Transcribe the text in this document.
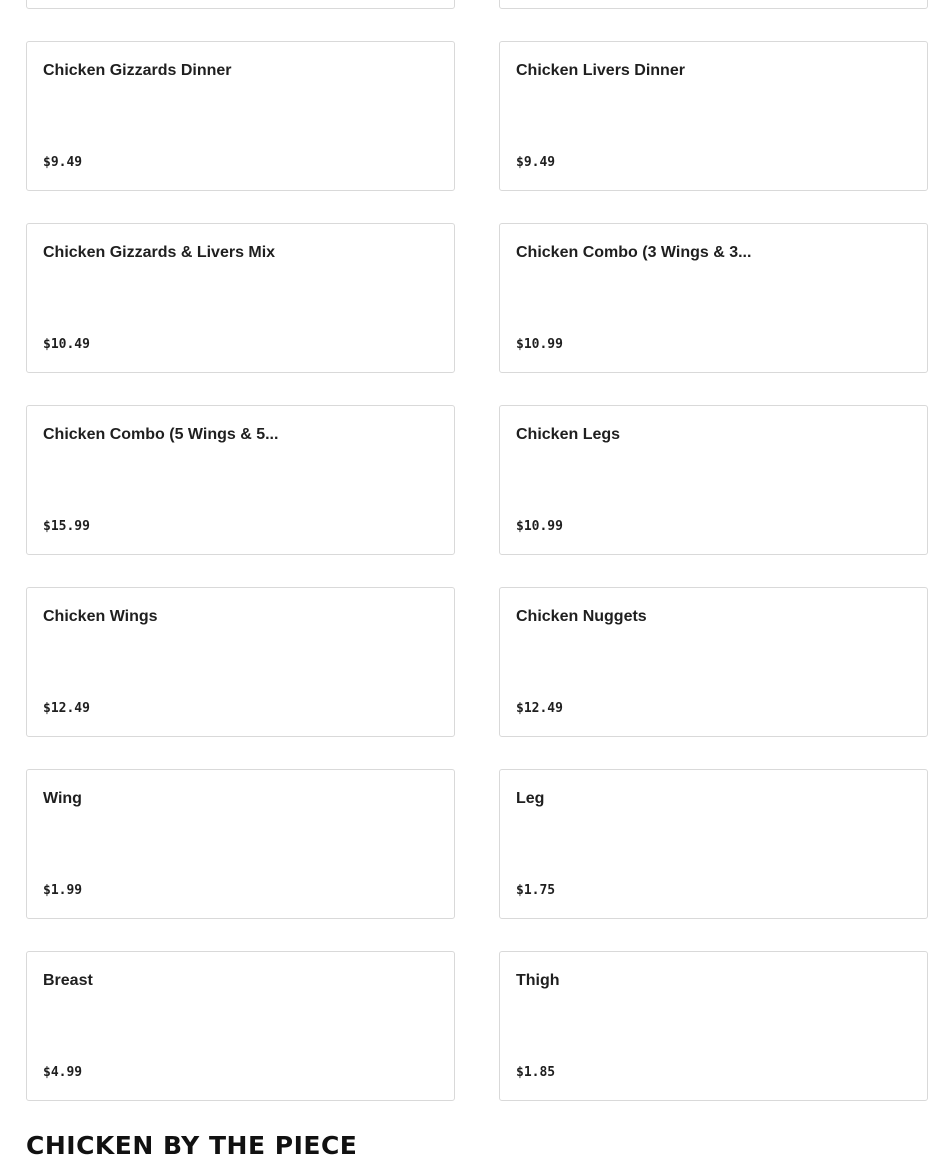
Chicken Gizzards Dinner
$9.49
Chicken Livers Dinner
$9.49
Chicken Gizzards & Livers Mix
$10.49
Chicken Combo (3 Wings & 3...
$10.99
Chicken Combo (5 Wings & 5...
$15.99
Chicken Legs
$10.99
Chicken Wings
$12.49
Chicken Nuggets
$12.49
Wing
$1.99
Leg
$1.75
Breast
$4.99
Thigh
$1.85
CHICKEN BY THE PIECE
